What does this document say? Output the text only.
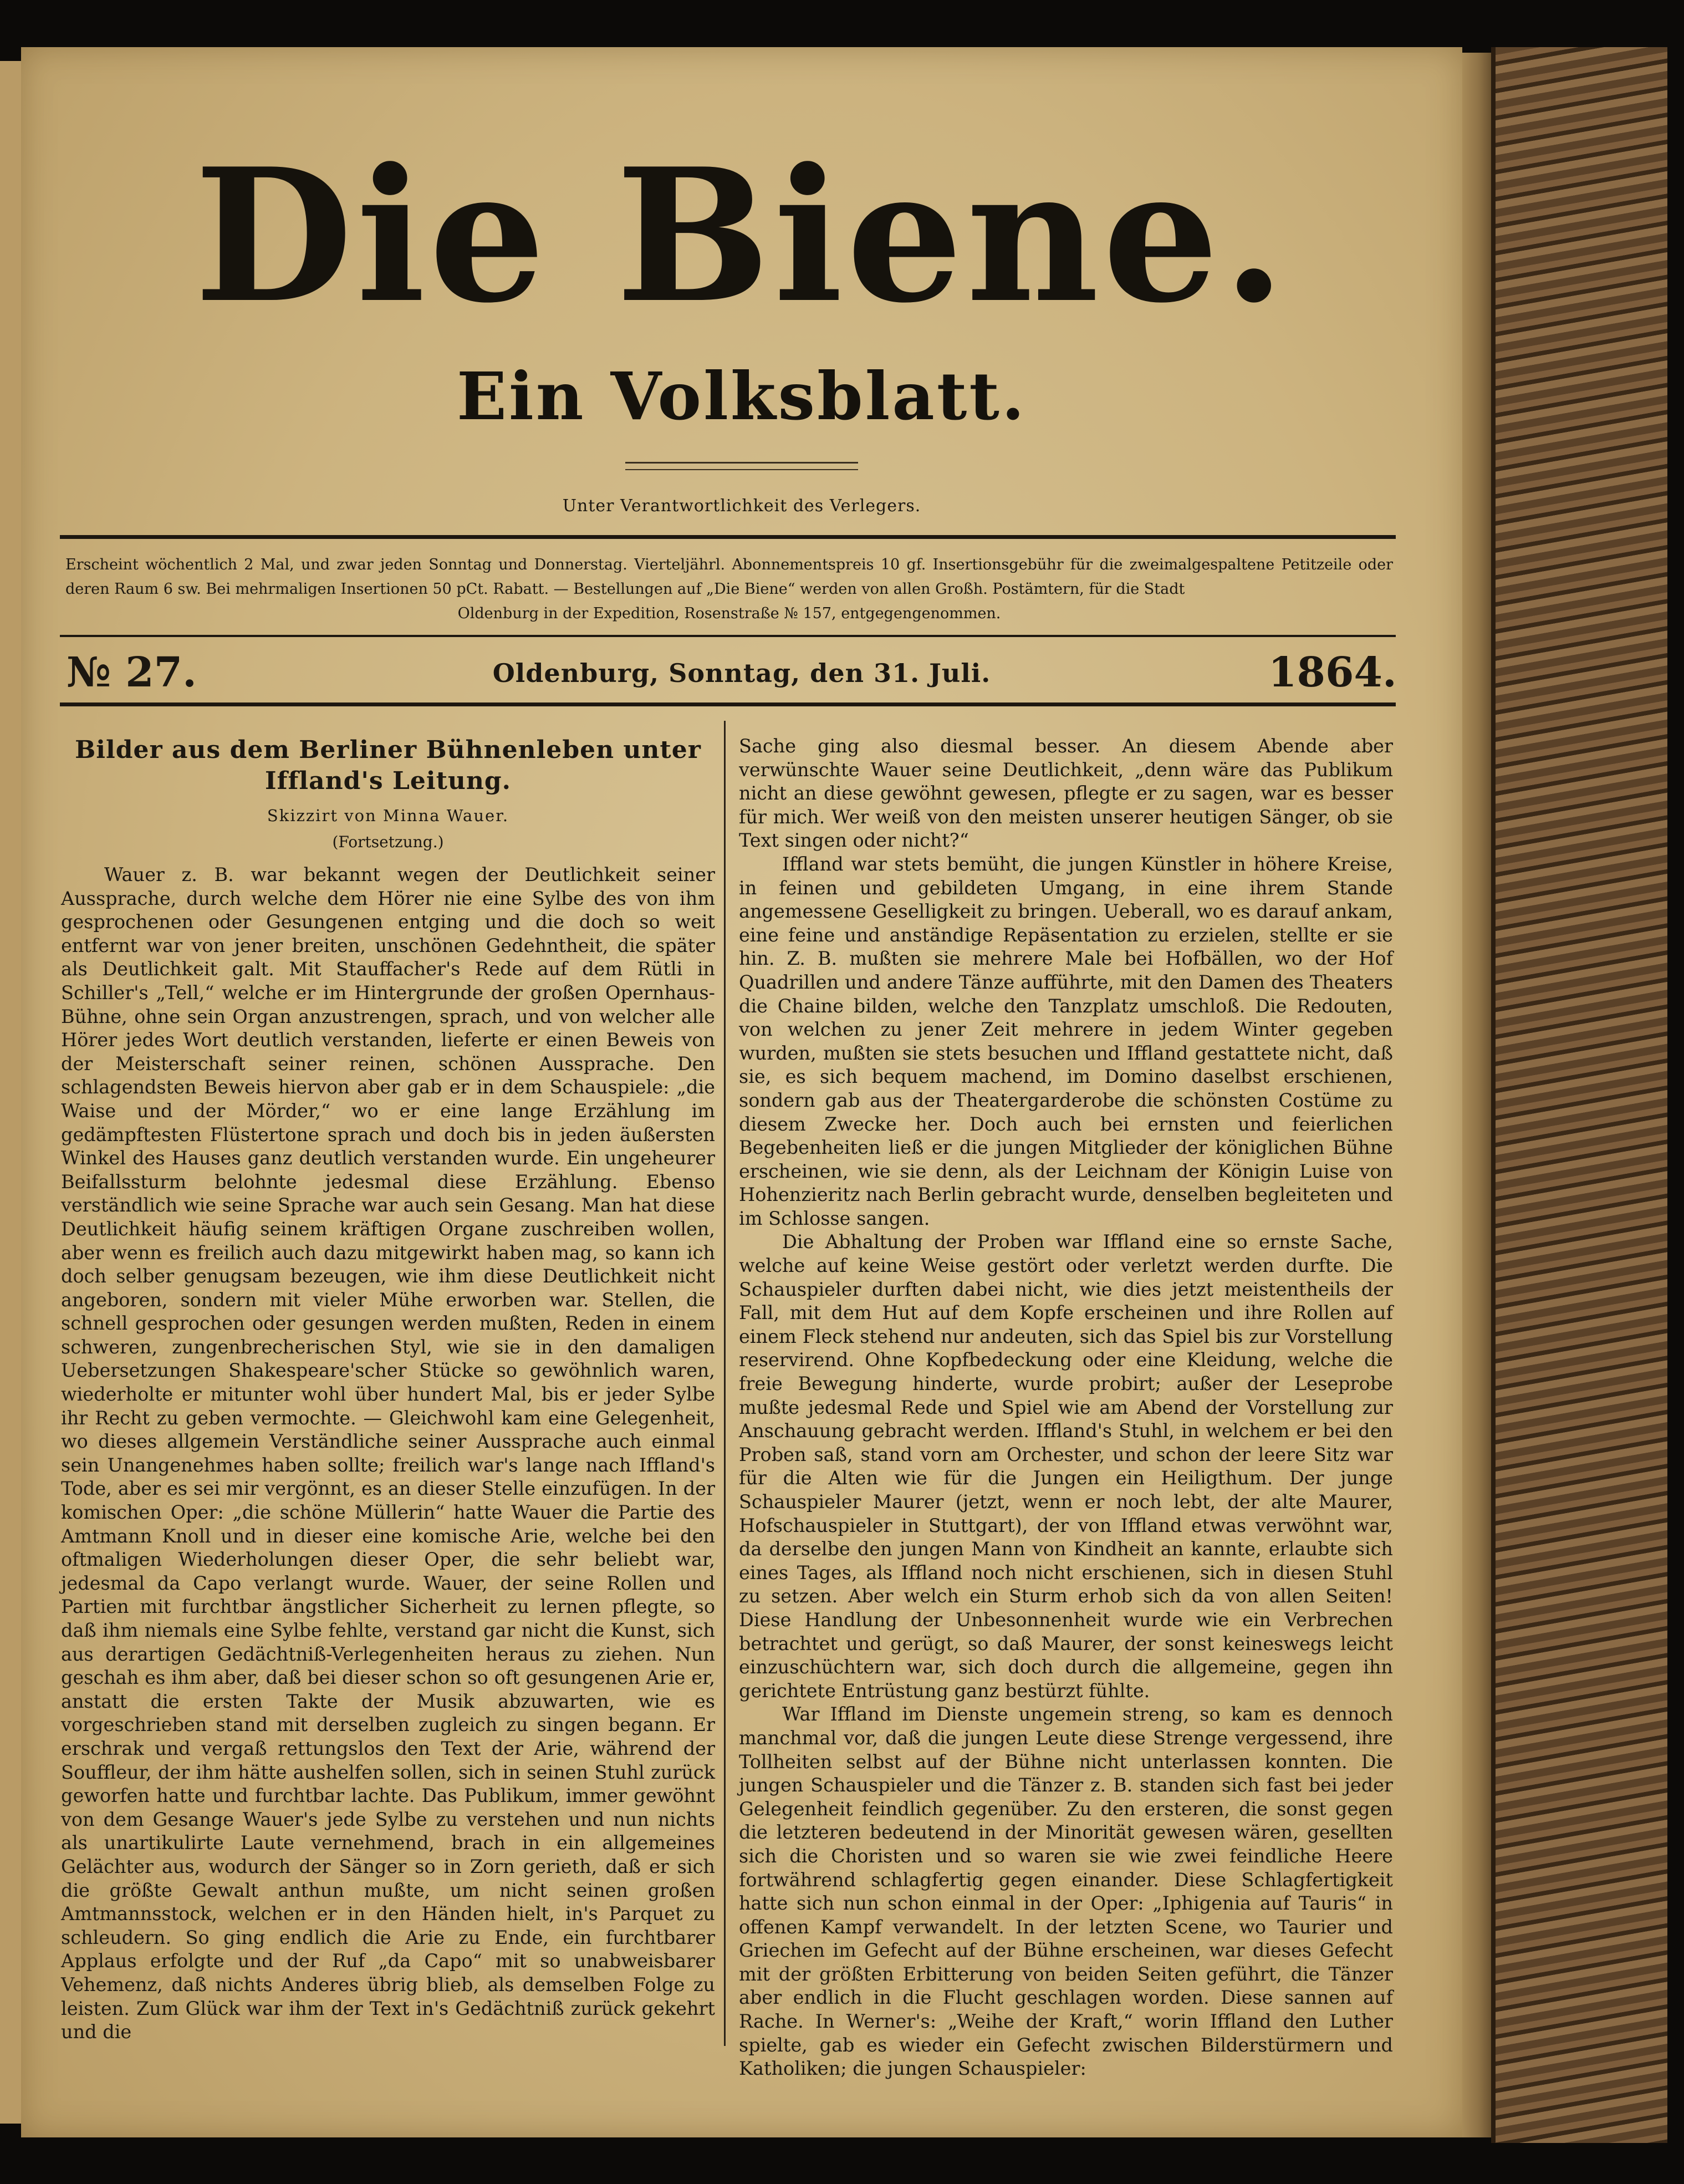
Die Biene.
Ein Volksblatt.
Unter Verantwortlichkeit des Verlegers.
Erscheint wöchentlich 2 Mal, und zwar jeden Sonntag und Donnerstag. Vierteljährl. Abonnementspreis 10 gf. Insertionsgebühr für die zweimalgespaltene Petitzeile oder deren Raum 6 sw. Bei mehrmaligen Insertionen 50 pCt. Rabatt. — Bestellungen auf „Die Biene“ werden von allen Großh. Postämtern, für die Stadt
Oldenburg in der Expedition, Rosenstraße № 157, entgegengenommen.
№ 27.	Oldenburg, Sonntag, den 31. Juli.	1864.
Bilder aus dem Berliner Bühnenleben unter Iffland's Leitung.
Skizzirt von Minna Wauer.
(Fortsetzung.)

Wauer z. B. war bekannt wegen der Deutlichkeit seiner Aussprache, durch welche dem Hörer nie eine Sylbe des von ihm gesprochenen oder Gesungenen entging und die doch so weit entfernt war von jener breiten, unschönen Gedehntheit, die später als Deutlichkeit galt. Mit Stauffacher's Rede auf dem Rütli in Schiller's „Tell,“ welche er im Hintergrunde der großen Opernhaus-Bühne, ohne sein Organ anzustrengen, sprach, und von welcher alle Hörer jedes Wort deutlich verstanden, lieferte er einen Beweis von der Meisterschaft seiner reinen, schönen Aussprache. Den schlagendsten Beweis hiervon aber gab er in dem Schauspiele: „die Waise und der Mörder,“ wo er eine lange Erzählung im gedämpftesten Flüstertone sprach und doch bis in jeden äußersten Winkel des Hauses ganz deutlich verstanden wurde. Ein ungeheurer Beifallssturm belohnte jedesmal diese Erzählung. Ebenso verständlich wie seine Sprache war auch sein Gesang. Man hat diese Deutlichkeit häufig seinem kräftigen Organe zuschreiben wollen, aber wenn es freilich auch dazu mitgewirkt haben mag, so kann ich doch selber genugsam bezeugen, wie ihm diese Deutlichkeit nicht angeboren, sondern mit vieler Mühe erworben war. Stellen, die schnell gesprochen oder gesungen werden mußten, Reden in einem schweren, zungenbrecherischen Styl, wie sie in den damaligen Uebersetzungen Shakespeare'scher Stücke so gewöhnlich waren, wiederholte er mitunter wohl über hundert Mal, bis er jeder Sylbe ihr Recht zu geben vermochte. — Gleichwohl kam eine Gelegenheit, wo dieses allgemein Verständliche seiner Aussprache auch einmal sein Unangenehmes haben sollte; freilich war's lange nach Iffland's Tode, aber es sei mir vergönnt, es an dieser Stelle einzufügen. In der komischen Oper: „die schöne Müllerin“ hatte Wauer die Partie des Amtmann Knoll und in dieser eine komische Arie, welche bei den oftmaligen Wiederholungen dieser Oper, die sehr beliebt war, jedesmal da Capo verlangt wurde. Wauer, der seine Rollen und Partien mit furchtbar ängstlicher Sicherheit zu lernen pflegte, so daß ihm niemals eine Sylbe fehlte, verstand gar nicht die Kunst, sich aus derartigen Gedächtniß-Verlegenheiten heraus zu ziehen. Nun geschah es ihm aber, daß bei dieser schon so oft gesungenen Arie er, anstatt die ersten Takte der Musik abzuwarten, wie es vorgeschrieben stand mit derselben zugleich zu singen begann. Er erschrak und vergaß rettungslos den Text der Arie, während der Souffleur, der ihm hätte aushelfen sollen, sich in seinen Stuhl zurück geworfen hatte und furchtbar lachte. Das Publikum, immer gewöhnt von dem Gesange Wauer's jede Sylbe zu verstehen und nun nichts als unartikulirte Laute vernehmend, brach in ein allgemeines Gelächter aus, wodurch der Sänger so in Zorn gerieth, daß er sich die größte Gewalt anthun mußte, um nicht seinen großen Amtmannsstock, welchen er in den Händen hielt, in's Parquet zu schleudern. So ging endlich die Arie zu Ende, ein furchtbarer Applaus erfolgte und der Ruf „da Capo“ mit so unabweisbarer Vehemenz, daß nichts Anderes übrig blieb, als demselben Folge zu leisten. Zum Glück war ihm der Text in's Gedächtniß zurück gekehrt und die

Sache ging also diesmal besser. An diesem Abende aber verwünschte Wauer seine Deutlichkeit, „denn wäre das Publikum nicht an diese gewöhnt gewesen, pflegte er zu sagen, war es besser für mich. Wer weiß von den meisten unserer heutigen Sänger, ob sie Text singen oder nicht?“

Iffland war stets bemüht, die jungen Künstler in höhere Kreise, in feinen und gebildeten Umgang, in eine ihrem Stande angemessene Geselligkeit zu bringen. Ueberall, wo es darauf ankam, eine feine und anständige Repäsentation zu erzielen, stellte er sie hin. Z. B. mußten sie mehrere Male bei Hofbällen, wo der Hof Quadrillen und andere Tänze aufführte, mit den Damen des Theaters die Chaine bilden, welche den Tanzplatz umschloß. Die Redouten, von welchen zu jener Zeit mehrere in jedem Winter gegeben wurden, mußten sie stets besuchen und Iffland gestattete nicht, daß sie, es sich bequem machend, im Domino daselbst erschienen, sondern gab aus der Theatergarderobe die schönsten Costüme zu diesem Zwecke her. Doch auch bei ernsten und feierlichen Begebenheiten ließ er die jungen Mitglieder der königlichen Bühne erscheinen, wie sie denn, als der Leichnam der Königin Luise von Hohenzieritz nach Berlin gebracht wurde, denselben begleiteten und im Schlosse sangen.

Die Abhaltung der Proben war Iffland eine so ernste Sache, welche auf keine Weise gestört oder verletzt werden durfte. Die Schauspieler durften dabei nicht, wie dies jetzt meistentheils der Fall, mit dem Hut auf dem Kopfe erscheinen und ihre Rollen auf einem Fleck stehend nur andeuten, sich das Spiel bis zur Vorstellung reservirend. Ohne Kopfbedeckung oder eine Kleidung, welche die freie Bewegung hinderte, wurde probirt; außer der Leseprobe mußte jedesmal Rede und Spiel wie am Abend der Vorstellung zur Anschauung gebracht werden. Iffland's Stuhl, in welchem er bei den Proben saß, stand vorn am Orchester, und schon der leere Sitz war für die Alten wie für die Jungen ein Heiligthum. Der junge Schauspieler Maurer (jetzt, wenn er noch lebt, der alte Maurer, Hofschauspieler in Stuttgart), der von Iffland etwas verwöhnt war, da derselbe den jungen Mann von Kindheit an kannte, erlaubte sich eines Tages, als Iffland noch nicht erschienen, sich in diesen Stuhl zu setzen. Aber welch ein Sturm erhob sich da von allen Seiten! Diese Handlung der Unbesonnenheit wurde wie ein Verbrechen betrachtet und gerügt, so daß Maurer, der sonst keineswegs leicht einzuschüchtern war, sich doch durch die allgemeine, gegen ihn gerichtete Entrüstung ganz bestürzt fühlte.

War Iffland im Dienste ungemein streng, so kam es dennoch manchmal vor, daß die jungen Leute diese Strenge vergessend, ihre Tollheiten selbst auf der Bühne nicht unterlassen konnten. Die jungen Schauspieler und die Tänzer z. B. standen sich fast bei jeder Gelegenheit feindlich gegenüber. Zu den ersteren, die sonst gegen die letzteren bedeutend in der Minorität gewesen wären, gesellten sich die Choristen und so waren sie wie zwei feindliche Heere fortwährend schlagfertig gegen einander. Diese Schlagfertigkeit hatte sich nun schon einmal in der Oper: „Iphigenia auf Tauris“ in offenen Kampf verwandelt. In der letzten Scene, wo Taurier und Griechen im Gefecht auf der Bühne erscheinen, war dieses Gefecht mit der größten Erbitterung von beiden Seiten geführt, die Tänzer aber endlich in die Flucht geschlagen worden. Diese sannen auf Rache. In Werner's: „Weihe der Kraft,“ worin Iffland den Luther spielte, gab es wieder ein Gefecht zwischen Bilderstürmern und Katholiken; die jungen Schauspieler:
